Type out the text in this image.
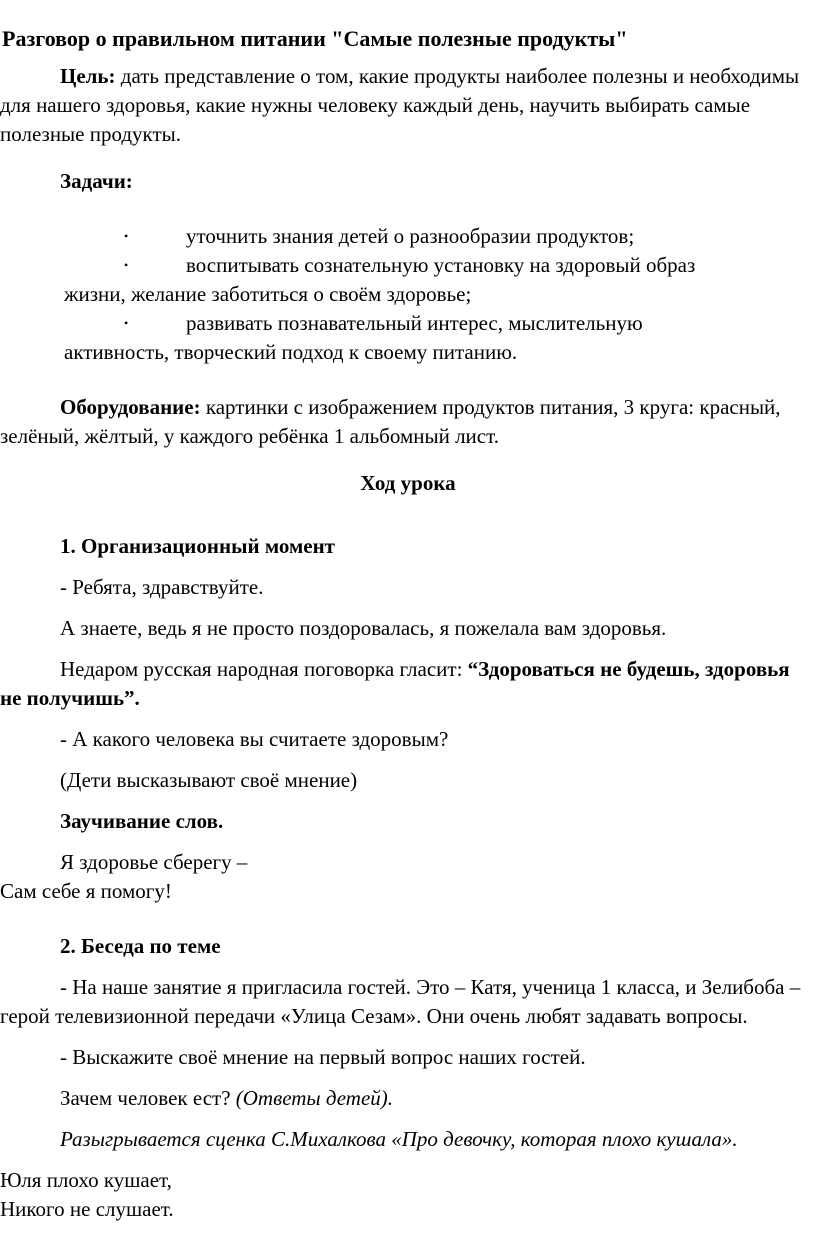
Разговор о правильном питании "Самые полезные продукты"

Цель: дать представление о том, какие продукты наиболее полезны и необходимы для нашего здоровья, какие нужны человеку каждый день, научить выбирать самые полезные продукты.

Задачи:

•	уточнить знания детей о разнообразии продуктов;
•	воспитывать сознательную установку на здоровый образ
жизни, желание заботиться о своём здоровье;
•	развивать познавательный интерес, мыслительную
активность, творческий подход к своему питанию.

Оборудование: картинки с изображением продуктов питания, 3 круга: красный, зелёный, жёлтый, у каждого ребёнка 1 альбомный лист.

Ход урока

1. Организационный момент

- Ребята, здравствуйте.

А знаете, ведь я не просто поздоровалась, я пожелала вам здоровья.

Недаром русская народная поговорка гласит: “Здороваться не будешь, здоровья не получишь”.

- А какого человека вы считаете здоровым?

(Дети высказывают своё мнение)

Заучивание слов.

Я здоровье сберегу –

Сам себе я помогу!

2. Беседа по теме

- На наше занятие я пригласила гостей. Это – Катя, ученица 1 класса, и Зелибоба – герой телевизионной передачи «Улица Сезам». Они очень любят задавать вопросы.

- Выскажите своё мнение на первый вопрос наших гостей.

Зачем человек ест? (Ответы детей).

Разыгрывается сценка С.Михалкова «Про девочку, которая плохо кушала».

Юля плохо кушает,

Никого не слушает.
